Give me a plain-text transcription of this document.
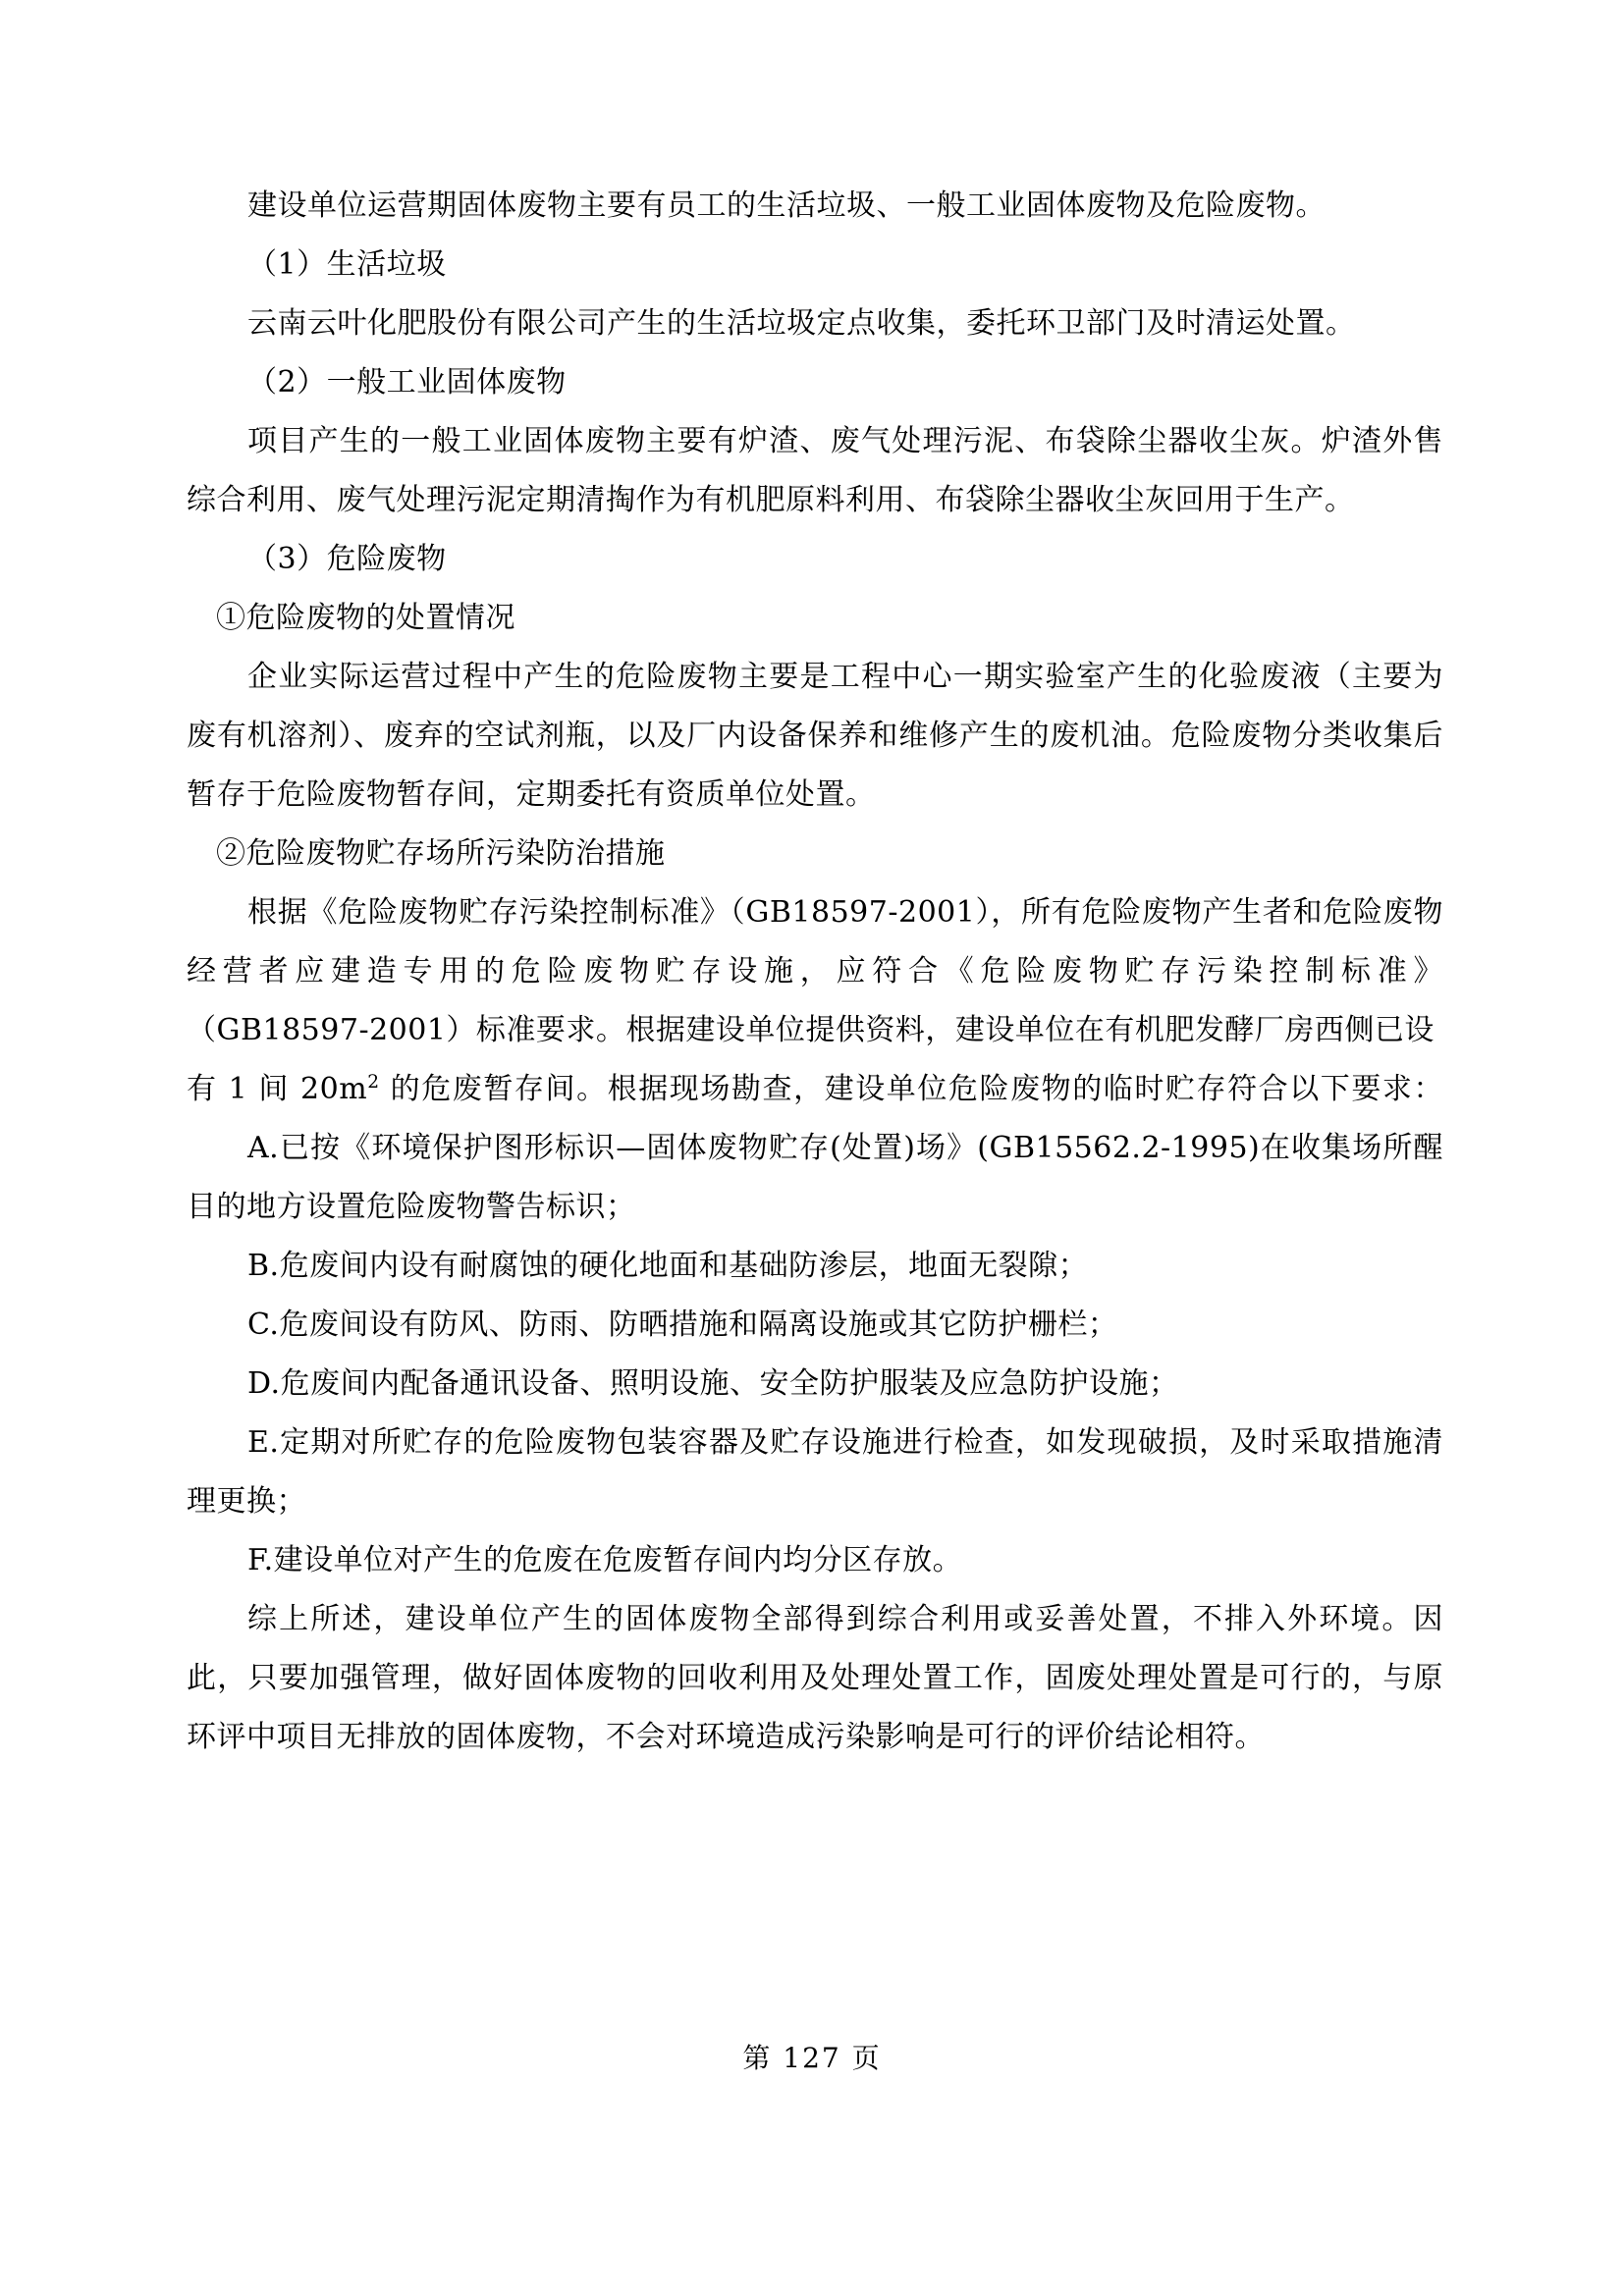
建设单位运营期固体废物主要有员工的生活垃圾、一般工业固体废物及危险废物。

（1）生活垃圾

云南云叶化肥股份有限公司产生的生活垃圾定点收集，委托环卫部门及时清运处置。

（2）一般工业固体废物

项目产生的一般工业固体废物主要有炉渣、废气处理污泥、布袋除尘器收尘灰。炉渣外售综合利用、废气处理污泥定期清掏作为有机肥原料利用、布袋除尘器收尘灰回用于生产。

（3）危险废物

①危险废物的处置情况

企业实际运营过程中产生的危险废物主要是工程中心一期实验室产生的化验废液（主要为废有机溶剂）、废弃的空试剂瓶，以及厂内设备保养和维修产生的废机油。危险废物分类收集后暂存于危险废物暂存间，定期委托有资质单位处置。

②危险废物贮存场所污染防治措施

根据《危险废物贮存污染控制标准》（GB18597-2001），所有危险废物产生者和危险废物经营者应建造专用的危险废物贮存设施，应符合《危险废物贮存污染控制标准》

（GB18597-2001）标准要求。根据建设单位提供资料，建设单位在有机肥发酵厂房西侧已设

有 1 间 $20m^2$ 的危废暂存间。根据现场勘查，建设单位危险废物的临时贮存符合以下要求：

A.已按《环境保护图形标识—固体废物贮存(处置)场》(GB15562.2-1995)在收集场所醒目的地方设置危险废物警告标识；

B.危废间内设有耐腐蚀的硬化地面和基础防渗层，地面无裂隙；

C.危废间设有防风、防雨、防晒措施和隔离设施或其它防护栅栏；

D.危废间内配备通讯设备、照明设施、安全防护服装及应急防护设施；

E.定期对所贮存的危险废物包装容器及贮存设施进行检查，如发现破损，及时采取措施清理更换；

F.建设单位对产生的危废在危废暂存间内均分区存放。

综上所述，建设单位产生的固体废物全部得到综合利用或妥善处置，不排入外环境。因此，只要加强管理，做好固体废物的回收利用及处理处置工作，固废处理处置是可行的，与原环评中项目无排放的固体废物，不会对环境造成污染影响是可行的评价结论相符。

第 127 页
